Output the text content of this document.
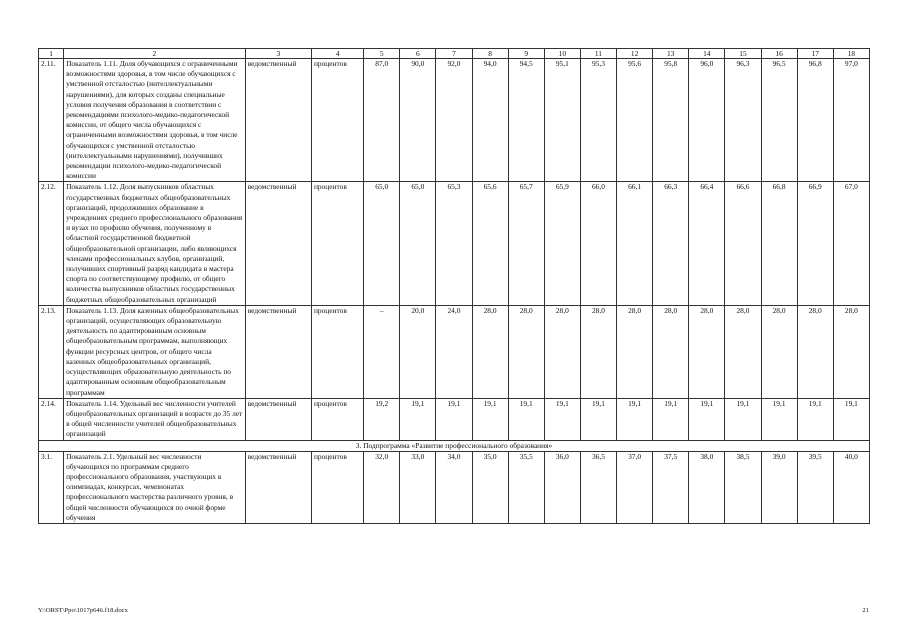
1	2	3	4	5	6	7	8	9	10	11	12	13	14	15	16	17	18
2.11.	Показатель 1.11. Доля обучающихся с ограниченными возможностями здоровья, в том числе обучающихся с умственной отсталостью (интеллектуальными нарушениями), для которых созданы специальные условия получения образования в соответствии с рекомендациями психолого-медико-педагогической комиссии, от общего числа обучающихся с ограниченными возможностями здоровья, в том числе обучающихся с умственной отсталостью (интеллектуальными нарушениями), получивших рекомендации психолого-медико-педагогической комиссии	ведомственный	процентов	87,0	90,0	92,0	94,0	94,5	95,1	95,3	95,6	95,8	96,0	96,3	96,5	96,8	97,0
2.12.	Показатель 1.12. Доля выпускников областных государственных бюджетных общеобразовательных организаций, продолживших образование в учреждениях среднего профессионального образования и вузах по профилю обучения, полученному в областной государственной бюджетной общеобразовательной организации, либо являющихся членами профессиональных клубов, организаций, получивших спортивный разряд кандидата в мастера спорта по соответствующему профилю, от общего количества выпускников областных государственных бюджетных общеобразовательных организаций	ведомственный	процентов	65,0	65,0	65,3	65,6	65,7	65,9	66,0	66,1	66,3	66,4	66,6	66,8	66,9	67,0
2.13.	Показатель 1.13. Доля казенных общеобразовательных организаций, осуществляющих образовательную деятельность по адаптированным основным общеобразовательным программам, выполняющих функции ресурсных центров, от общего числа казенных общеобразовательных организаций, осуществляющих образовательную деятельность по адаптированным основным общеобразовательным программам	ведомственный	процентов	–	20,0	24,0	28,0	28,0	28,0	28,0	28,0	28,0	28,0	28,0	28,0	28,0	28,0
2.14.	Показатель 1.14. Удельный вес численности учителей общеобразовательных организаций в возрасте до 35 лет в общей численности учителей общеобразовательных организаций	ведомственный	процентов	19,2	19,1	19,1	19,1	19,1	19,1	19,1	19,1	19,1	19,1	19,1	19,1	19,1	19,1
3. Подпрограмма «Развитие профессионального образования»																	
3.1.	Показатель 2.1. Удельный вес численности обучающихся по программам среднего профессионального образования, участвующих в олимпиадах, конкурсах, чемпионатах профессионального мастерства различного уровня, в общей численности обучающихся по очной форме обучения	ведомственный	процентов	32,0	33,0	34,0	35,0	35,5	36,0	36,5	37,0	37,5	38,0	38,5	39,0	39,5	40,0
Y:\ORST\Ppo\1017p646.f18.docx	21
